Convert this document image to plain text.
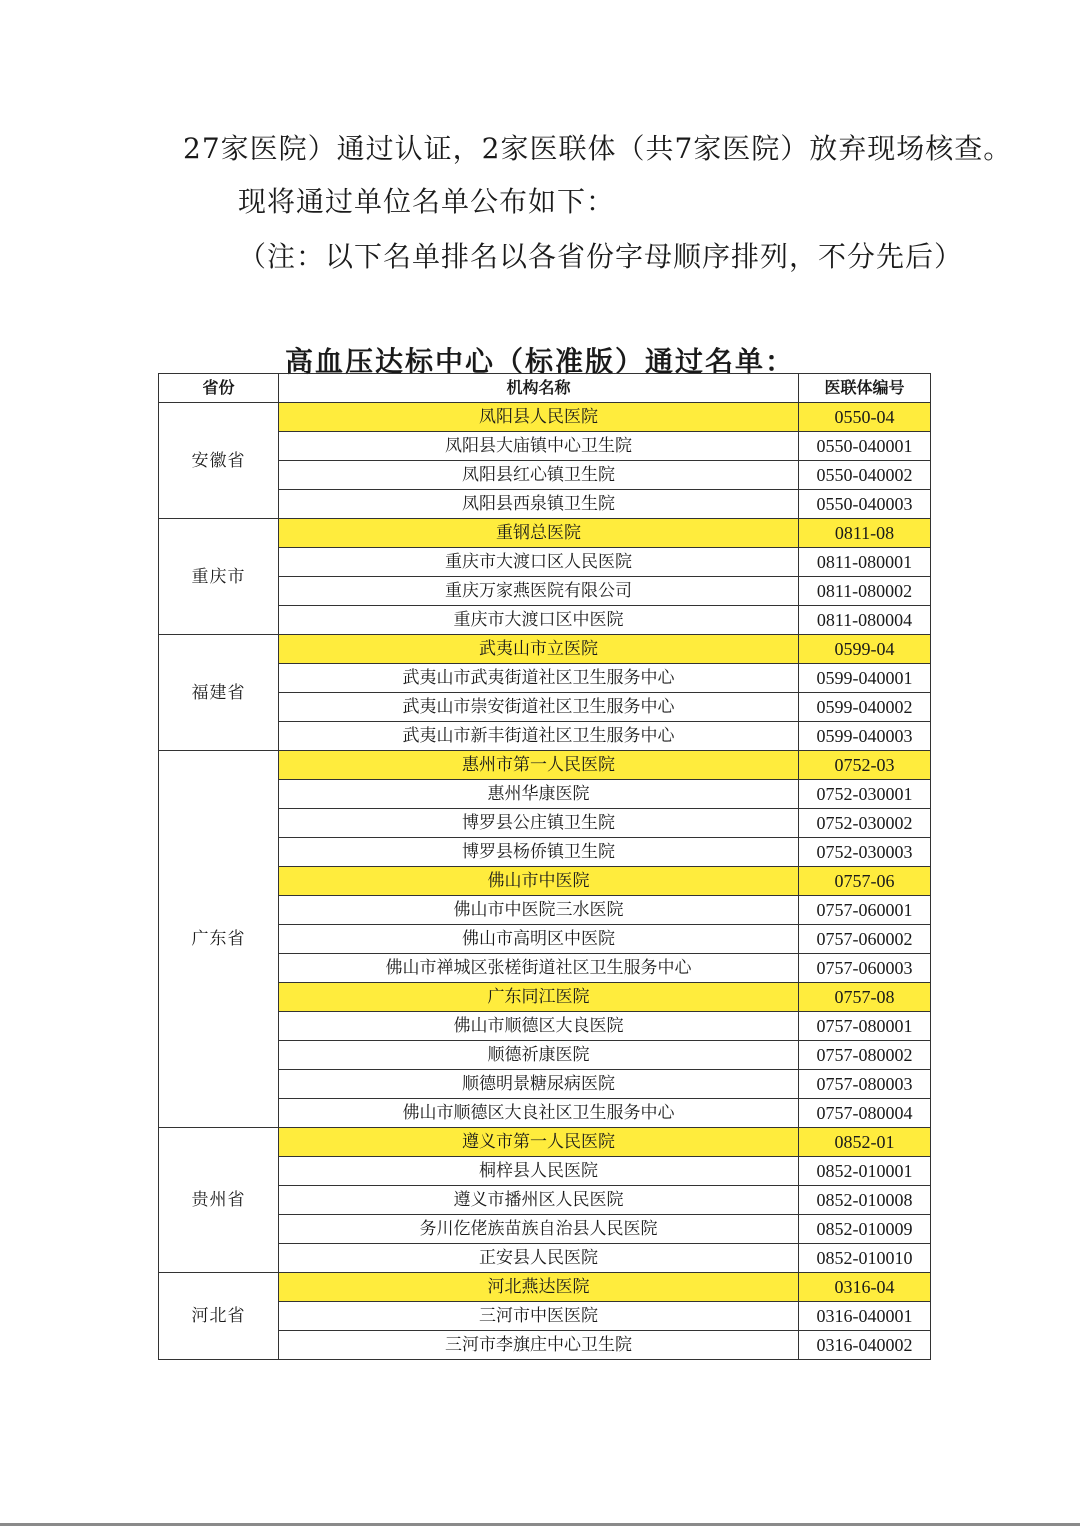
27家医院）通过认证，2家医联体（共7家医院）放弃现场核查。

现将通过单位名单公布如下：

（注：以下名单排名以各省份字母顺序排列，不分先后）

高血压达标中心（标准版）通过名单：
省份	机构名称	医联体编号
安徽省	凤阳县人民医院	0550-04
	凤阳县大庙镇中心卫生院	0550-040001
	凤阳县红心镇卫生院	0550-040002
	凤阳县西泉镇卫生院	0550-040003
重庆市	重钢总医院	0811-08
	重庆市大渡口区人民医院	0811-080001
	重庆万家燕医院有限公司	0811-080002
	重庆市大渡口区中医院	0811-080004
福建省	武夷山市立医院	0599-04
	武夷山市武夷街道社区卫生服务中心	0599-040001
	武夷山市崇安街道社区卫生服务中心	0599-040002
	武夷山市新丰街道社区卫生服务中心	0599-040003
广东省	惠州市第一人民医院	0752-03
	惠州华康医院	0752-030001
	博罗县公庄镇卫生院	0752-030002
	博罗县杨侨镇卫生院	0752-030003
	佛山市中医院	0757-06
	佛山市中医院三水医院	0757-060001
	佛山市高明区中医院	0757-060002
	佛山市禅城区张槎街道社区卫生服务中心	0757-060003
	广东同江医院	0757-08
	佛山市顺德区大良医院	0757-080001
	顺德祈康医院	0757-080002
	顺德明景糖尿病医院	0757-080003
	佛山市顺德区大良社区卫生服务中心	0757-080004
贵州省	遵义市第一人民医院	0852-01
	桐梓县人民医院	0852-010001
	遵义市播州区人民医院	0852-010008
	务川仡佬族苗族自治县人民医院	0852-010009
	正安县人民医院	0852-010010
河北省	河北燕达医院	0316-04
	三河市中医医院	0316-040001
	三河市李旗庄中心卫生院	0316-040002
